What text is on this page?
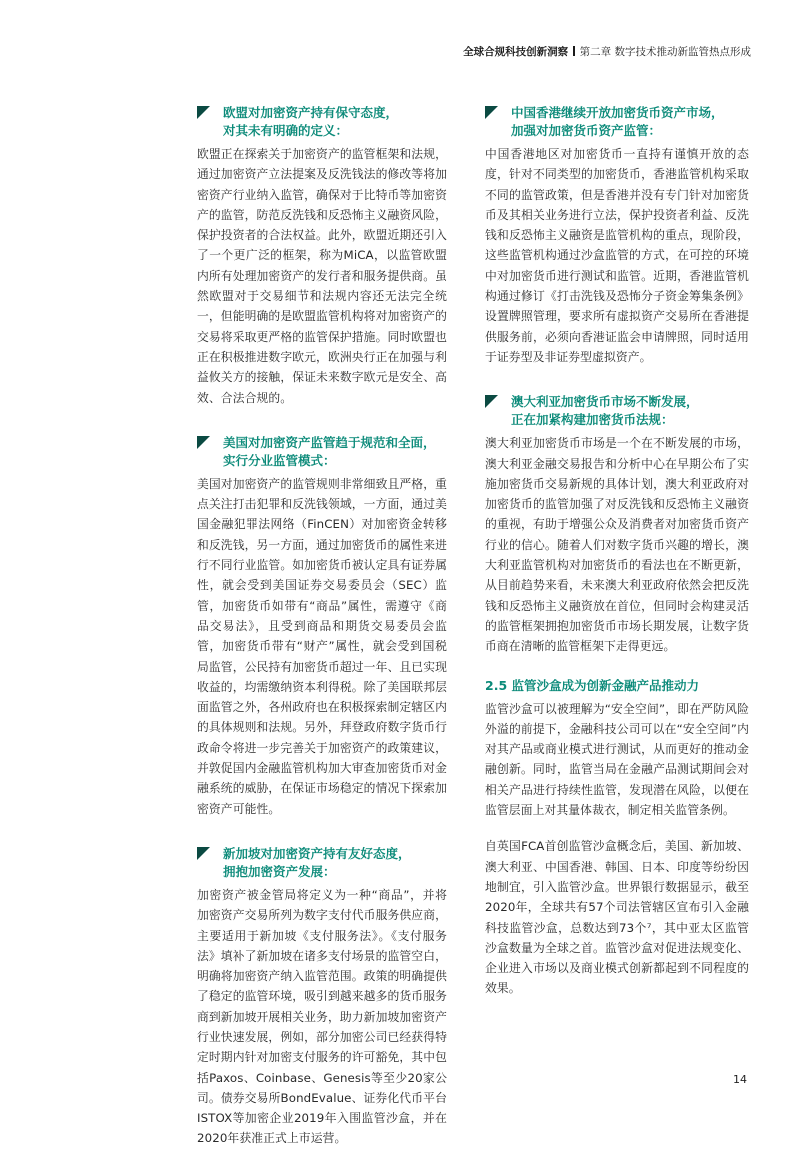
全球合规科技创新洞察 第二章 数字技术推动新监管热点形成
欧盟对加密资产持有保守态度，
对其未有明确的定义：
欧盟正在探索关于加密资产的监管框架和法规，通过加密资产立法提案及反洗钱法的修改等将加密资产行业纳入监管，确保对于比特币等加密资产的监管，防范反洗钱和反恐怖主义融资风险，保护投资者的合法权益。此外，欧盟近期还引入了一个更广泛的框架，称为MiCA，以监管欧盟内所有处理加密资产的发行者和服务提供商。虽然欧盟对于交易细节和法规内容还无法完全统一，但能明确的是欧盟监管机构将对加密资产的交易将采取更严格的监管保护措施。同时欧盟也正在积极推进数字欧元，欧洲央行正在加强与利益攸关方的接触，保证未来数字欧元是安全、高效、合法合规的。
美国对加密资产监管趋于规范和全面，
实行分业监管模式：
美国对加密资产的监管规则非常细致且严格，重点关注打击犯罪和反洗钱领域，一方面，通过美国金融犯罪法网络（FinCEN）对加密资金转移和反洗钱，另一方面，通过加密货币的属性来进行不同行业监管。如加密货币被认定具有证券属性，就会受到美国证券交易委员会（SEC）监管，加密货币如带有“商品”属性，需遵守《商品交易法》，且受到商品和期货交易委员会监管，加密货币带有“财产”属性，就会受到国税局监管，公民持有加密货币超过一年、且已实现收益的，均需缴纳资本利得税。除了美国联邦层面监管之外，各州政府也在积极探索制定辖区内的具体规则和法规。另外，拜登政府数字货币行政命令将进一步完善关于加密资产的政策建议，并敦促国内金融监管机构加大审查加密货币对金融系统的威胁，在保证市场稳定的情况下探索加密资产可能性。
新加坡对加密资产持有友好态度，
拥抱加密资产发展：
加密资产被金管局将定义为一种“商品”，并将加密资产交易所列为数字支付代币服务供应商，主要适用于新加坡《支付服务法》。《支付服务法》填补了新加坡在诸多支付场景的监管空白，明确将加密资产纳入监管范围。政策的明确提供了稳定的监管环境，吸引到越来越多的货币服务商到新加坡开展相关业务，助力新加坡加密资产行业快速发展，例如，部分加密公司已经获得特定时期内针对加密支付服务的许可豁免，其中包括Paxos、Coinbase、Genesis等至少20家公司。债券交易所BondEvalue、证券化代币平台ISTOX等加密企业2019年入围监管沙盒，并在2020年获准正式上市运营。
中国香港继续开放加密货币资产市场，
加强对加密货币资产监管：
中国香港地区对加密货币一直持有谨慎开放的态度，针对不同类型的加密货币，香港监管机构采取不同的监管政策，但是香港并没有专门针对加密货币及其相关业务进行立法，保护投资者利益、反洗钱和反恐怖主义融资是监管机构的重点，现阶段，这些监管机构通过沙盒监管的方式，在可控的环境中对加密货币进行测试和监管。近期，香港监管机构通过修订《打击洗钱及恐怖分子资金筹集条例》设置牌照管理，要求所有虚拟资产交易所在香港提供服务前，必须向香港证监会申请牌照，同时适用于证券型及非证券型虚拟资产。
澳大利亚加密货币市场不断发展，
正在加紧构建加密货币法规：
澳大利亚加密货币市场是一个在不断发展的市场，澳大利亚金融交易报告和分析中心在早期公布了实施加密货币交易新规的具体计划，澳大利亚政府对加密货币的监管加强了对反洗钱和反恐怖主义融资的重视，有助于增强公众及消费者对加密货币资产行业的信心。随着人们对数字货币兴趣的增长，澳大利亚监管机构对加密货币的看法也在不断更新，从目前趋势来看，未来澳大利亚政府依然会把反洗钱和反恐怖主义融资放在首位，但同时会构建灵活的监管框架拥抱加密货币市场长期发展，让数字货币商在清晰的监管框架下走得更远。
2.5 监管沙盒成为创新金融产品推动力
监管沙盒可以被理解为“安全空间”，即在严防风险外溢的前提下，金融科技公司可以在“安全空间”内对其产品或商业模式进行测试，从而更好的推动金融创新。同时，监管当局在金融产品测试期间会对相关产品进行持续性监管，发现潜在风险，以便在监管层面上对其量体裁衣，制定相关监管条例。
自英国FCA首创监管沙盒概念后，美国、新加坡、澳大利亚、中国香港、韩国、日本、印度等纷纷因地制宜，引入监管沙盒。世界银行数据显示，截至2020年，全球共有57个司法管辖区宣布引入金融科技监管沙盒，总数达到73个⁷，其中亚太区监管沙盒数量为全球之首。监管沙盒对促进法规变化、企业进入市场以及商业模式创新都起到不同程度的效果。
14
